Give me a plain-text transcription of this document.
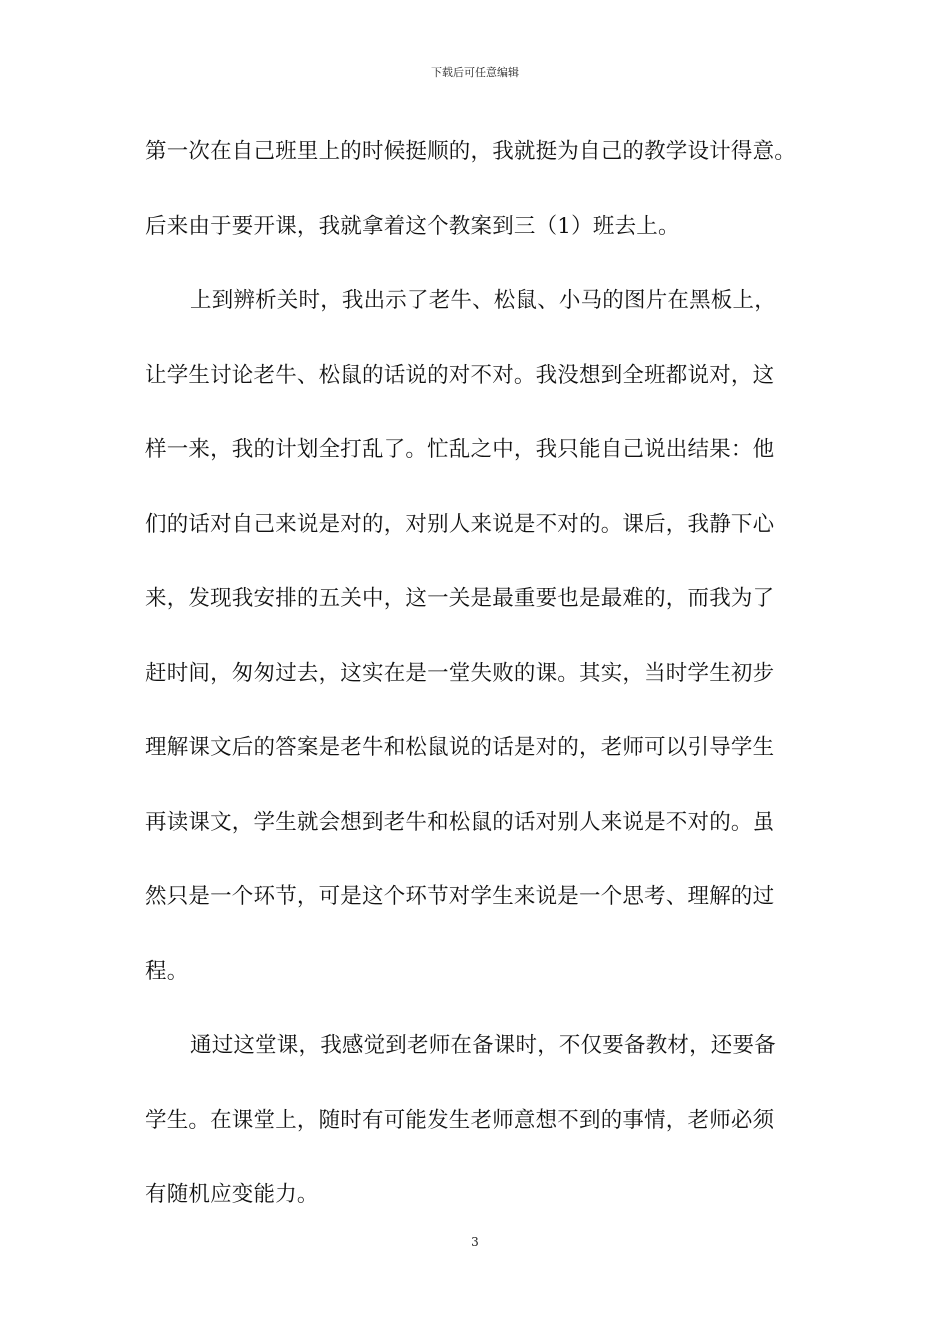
下载后可任意编辑
第一次在自己班里上的时候挺顺的，我就挺为自己的教学设计得意。
后来由于要开课，我就拿着这个教案到三（1）班去上。
上到辨析关时，我出示了老牛、松鼠、小马的图片在黑板上，
让学生讨论老牛、松鼠的话说的对不对。我没想到全班都说对，这
样一来，我的计划全打乱了。忙乱之中，我只能自己说出结果：他
们的话对自己来说是对的，对别人来说是不对的。课后，我静下心
来，发现我安排的五关中，这一关是最重要也是最难的，而我为了
赶时间，匆匆过去，这实在是一堂失败的课。其实，当时学生初步
理解课文后的答案是老牛和松鼠说的话是对的，老师可以引导学生
再读课文，学生就会想到老牛和松鼠的话对别人来说是不对的。虽
然只是一个环节，可是这个环节对学生来说是一个思考、理解的过
程。
通过这堂课，我感觉到老师在备课时，不仅要备教材，还要备
学生。在课堂上，随时有可能发生老师意想不到的事情，老师必须
有随机应变能力。
3
